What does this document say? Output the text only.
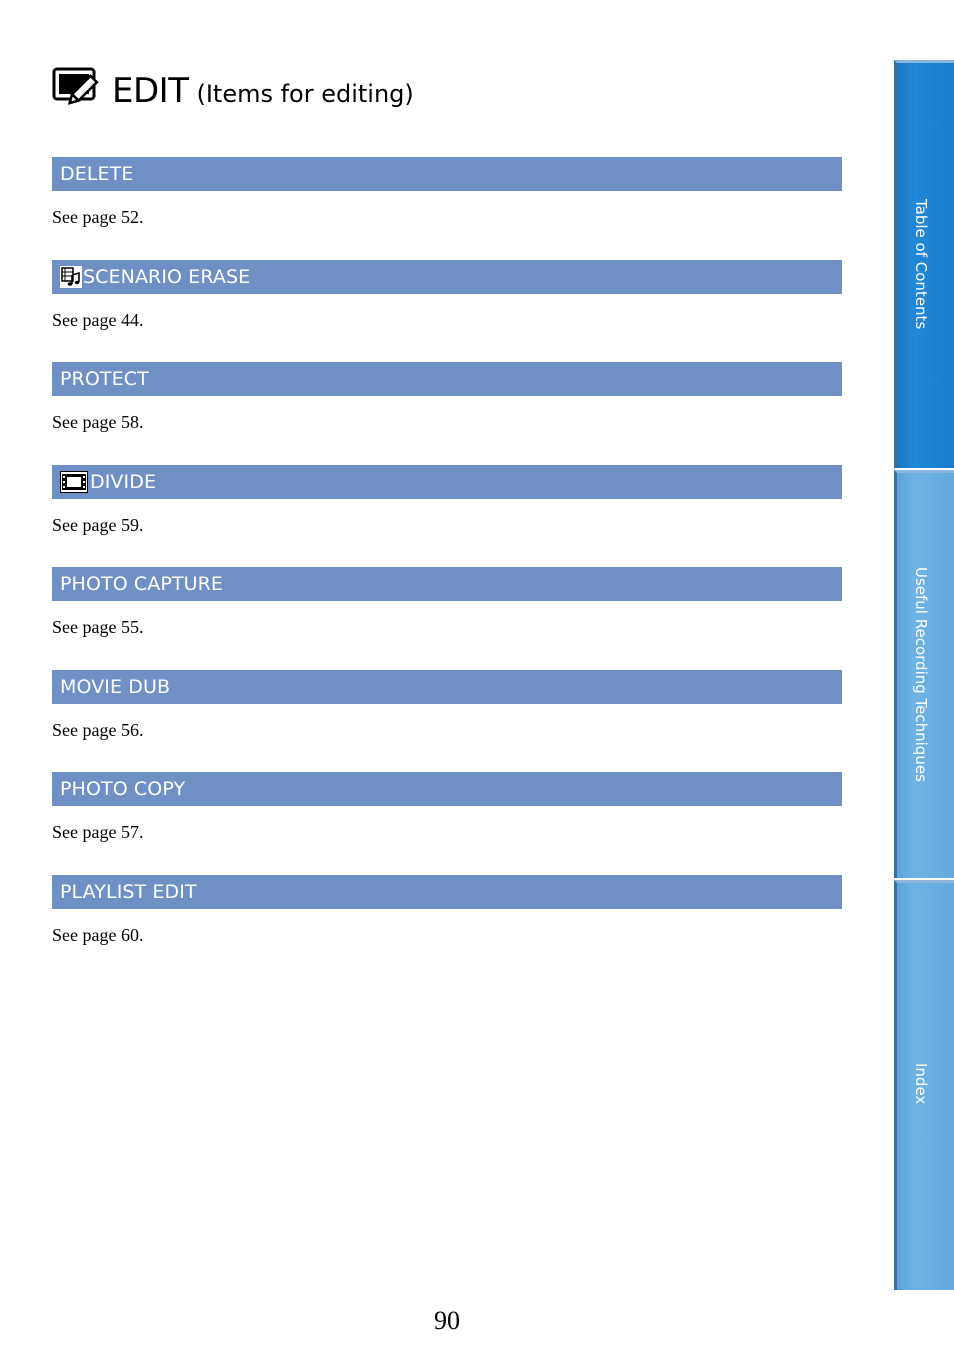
EDIT (Items for editing)
DELETE
See page 52.
SCENARIO ERASE
See page 44.
PROTECT
See page 58.
DIVIDE
See page 59.
PHOTO CAPTURE
See page 55.
MOVIE DUB
See page 56.
PHOTO COPY
See page 57.
PLAYLIST EDIT
See page 60.
Table of Contents
Useful Recording Techniques
Index
90
